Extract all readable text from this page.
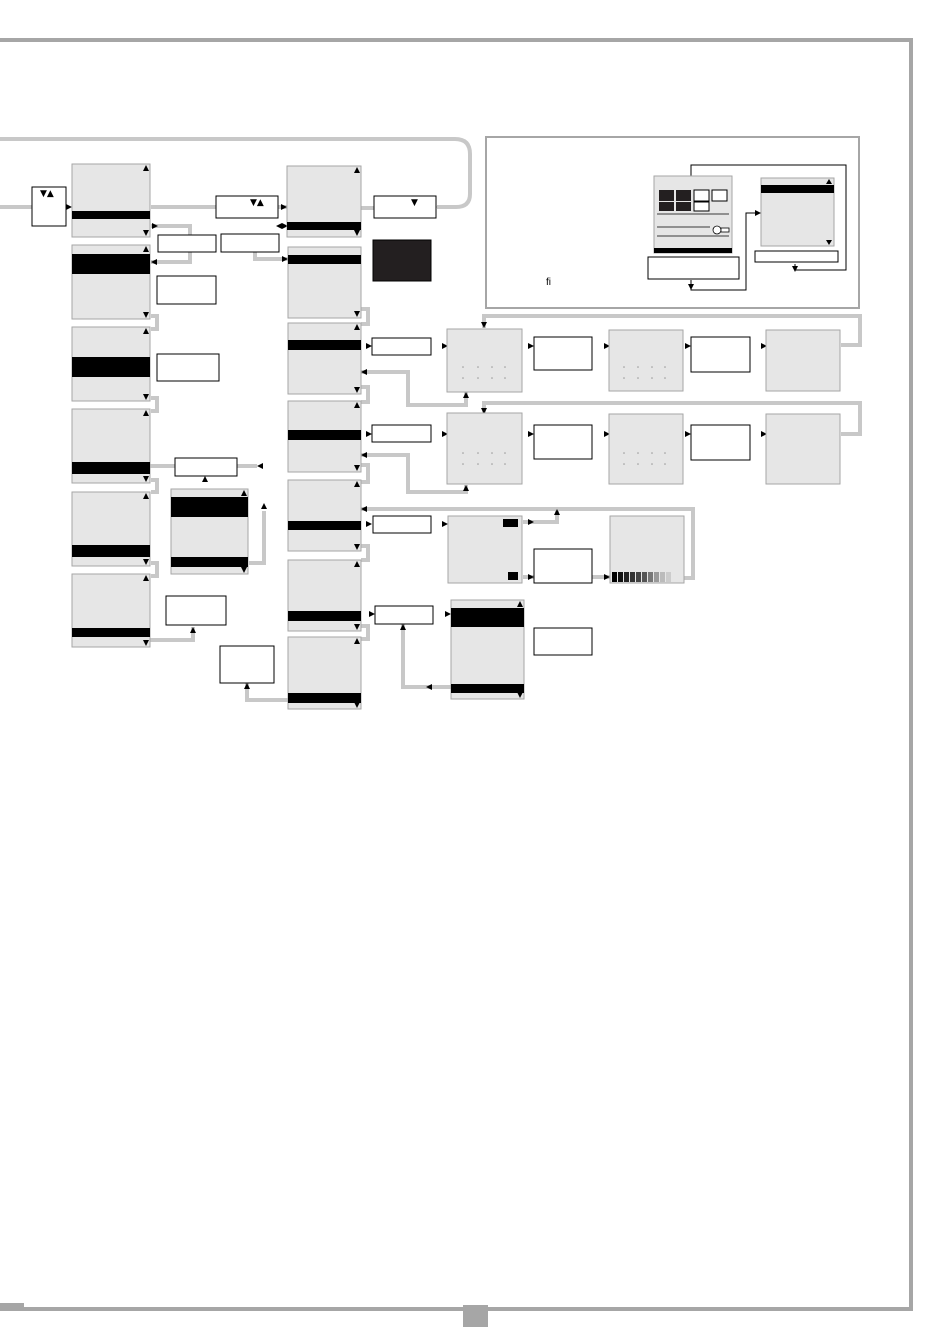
▼▲
▼▲	▼
fi
